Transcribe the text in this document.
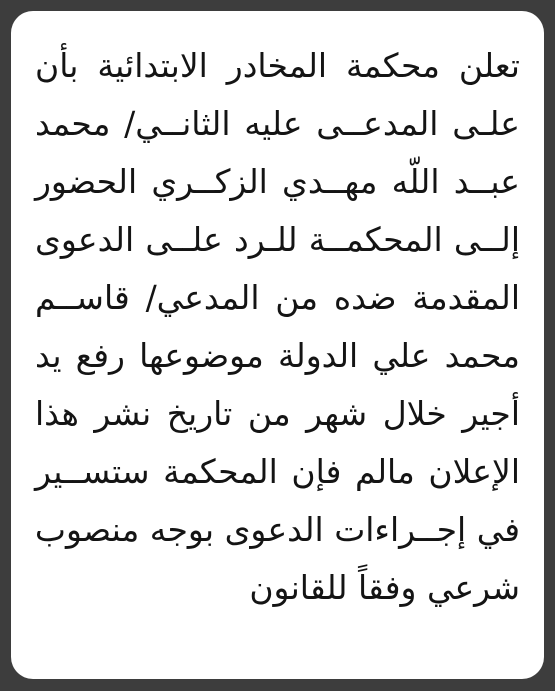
تعلن محكمة المخادر الابتدائية بأن

علـى المدعــى عليه الثانــي/ محمد

عبــد اللّه مهــدي الزكــري الحضور

إلــى المحكمــة للـرد علــى الدعوى

المقدمة ضده من المدعي/ قاســم

محمد علي الدولة موضوعها رفع يد

أجير خلال شهر من تاريخ نشر هذا

الإعلان مالم فإن المحكمة ستســير

في إجــراءات الدعوى بوجه منصوب

شرعي وفقاً للقانون
